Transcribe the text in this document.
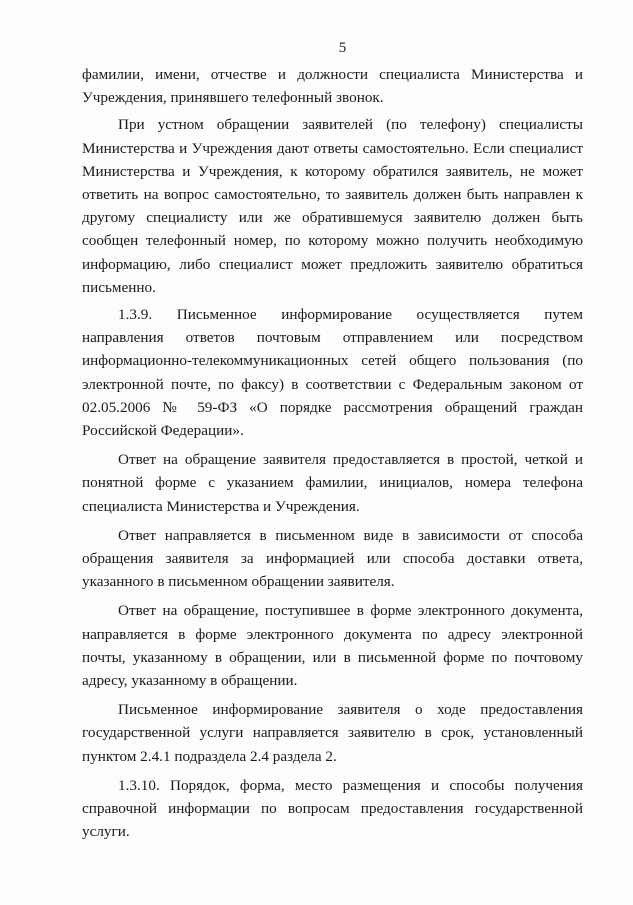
5

фамилии, имени, отчестве и должности специалиста Министерства и Учреждения, принявшего телефонный звонок.

При устном обращении заявителей (по телефону) специалисты Министерства и Учреждения дают ответы самостоятельно. Если специалист Министерства и Учреждения, к которому обратился заявитель, не может ответить на вопрос самостоятельно, то заявитель должен быть направлен к другому специалисту или же обратившемуся заявителю должен быть сообщен телефонный номер, по которому можно получить необходимую информацию, либо специалист может предложить заявителю обратиться письменно.

1.3.9. Письменное информирование осуществляется путем направления ответов почтовым отправлением или посредством информационно-телекоммуникационных сетей общего пользования (по электронной почте, по факсу) в соответствии с Федеральным законом от 02.05.2006 № 59-ФЗ «О порядке рассмотрения обращений граждан Российской Федерации».

Ответ на обращение заявителя предоставляется в простой, четкой и понятной форме с указанием фамилии, инициалов, номера телефона специалиста Министерства и Учреждения.

Ответ направляется в письменном виде в зависимости от способа обращения заявителя за информацией или способа доставки ответа, указанного в письменном обращении заявителя.

Ответ на обращение, поступившее в форме электронного документа, направляется в форме электронного документа по адресу электронной почты, указанному в обращении, или в письменной форме по почтовому адресу, указанному в обращении.

Письменное информирование заявителя о ходе предоставления государственной услуги направляется заявителю в срок, установленный пунктом 2.4.1 подраздела 2.4 раздела 2.

1.3.10. Порядок, форма, место размещения и способы получения справочной информации по вопросам предоставления государственной услуги.
